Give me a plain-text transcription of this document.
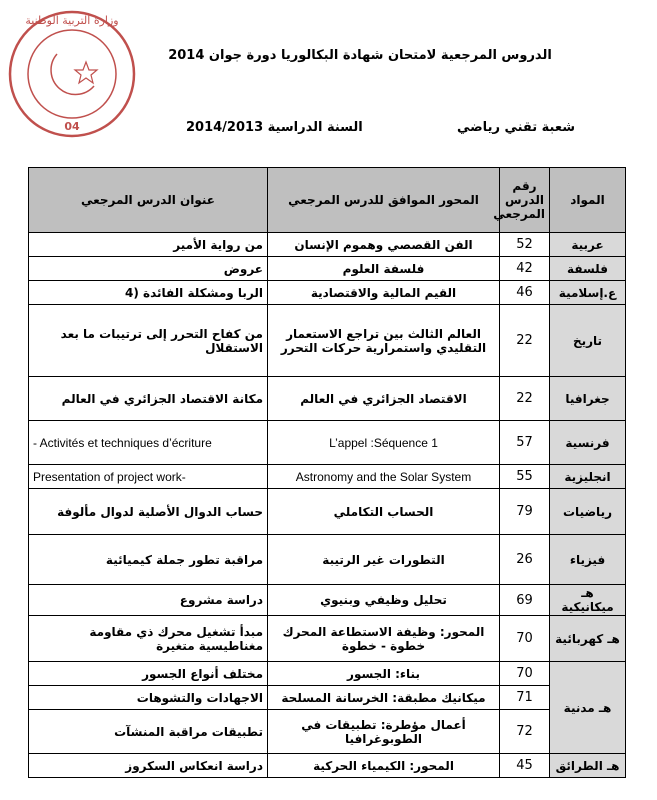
وزارة التربية الوطنية
04
الدروس المرجعية لامتحان شهادة البكالوريا دورة جوان 2014
شعبة تقني رياضي
السنة الدراسية 2014/2013
المواد	رقم الدرس المرجعي	المحور الموافق للدرس المرجعي	عنوان الدرس المرجعي
عربية	52	الفن القصصي وهموم الإنسان	من رواية الأمير
فلسفة	42	فلسفة العلوم	عروض
ع.إسلامية	46	القيم المالية والاقتصادية	الربا ومشكلة الفائدة (4
تاريخ	22	العالم الثالث بين تراجع الاستعمار التقليدي واستمرارية حركات التحرر	من كفاح التحرر إلى ترتيبات ما بعد الاستقلال
جغرافيا	22	الاقتصاد الجزائري في العالم	مكانة الاقتصاد الجزائري في العالم
فرنسية	57	L’appel :Séquence 1	- Activités et techniques d’écriture
انجليزية	55	Astronomy and the Solar System	Presentation of project work-
رياضيات	79	الحساب التكاملي	حساب الدوال الأصلية لدوال مألوفة
فيزياء	26	التطورات غير الرتيبة	مراقبة تطور جملة كيميائية
هـ ميكانيكية	69	تحليل وظيفي وبنيوي	دراسة مشروع
هـ كهربائية	70	المحور: وظيفة الاستطاعة المحرك خطوة - خطوة	مبدأ تشغيل محرك ذي مقاومة مغناطيسية متغيرة
هـ مدنية	70	بناء: الجسور	مختلف أنواع الجسور
	71	ميكانيك مطبقة: الخرسانة المسلحة	الاجهادات والتشوهات
	72	أعمال مؤطرة: تطبيقات في الطوبوغرافيا	تطبيقات مراقبة المنشآت
هـ الطرائق	45	المحور: الكيمياء الحركية	دراسة انعكاس السكروز
